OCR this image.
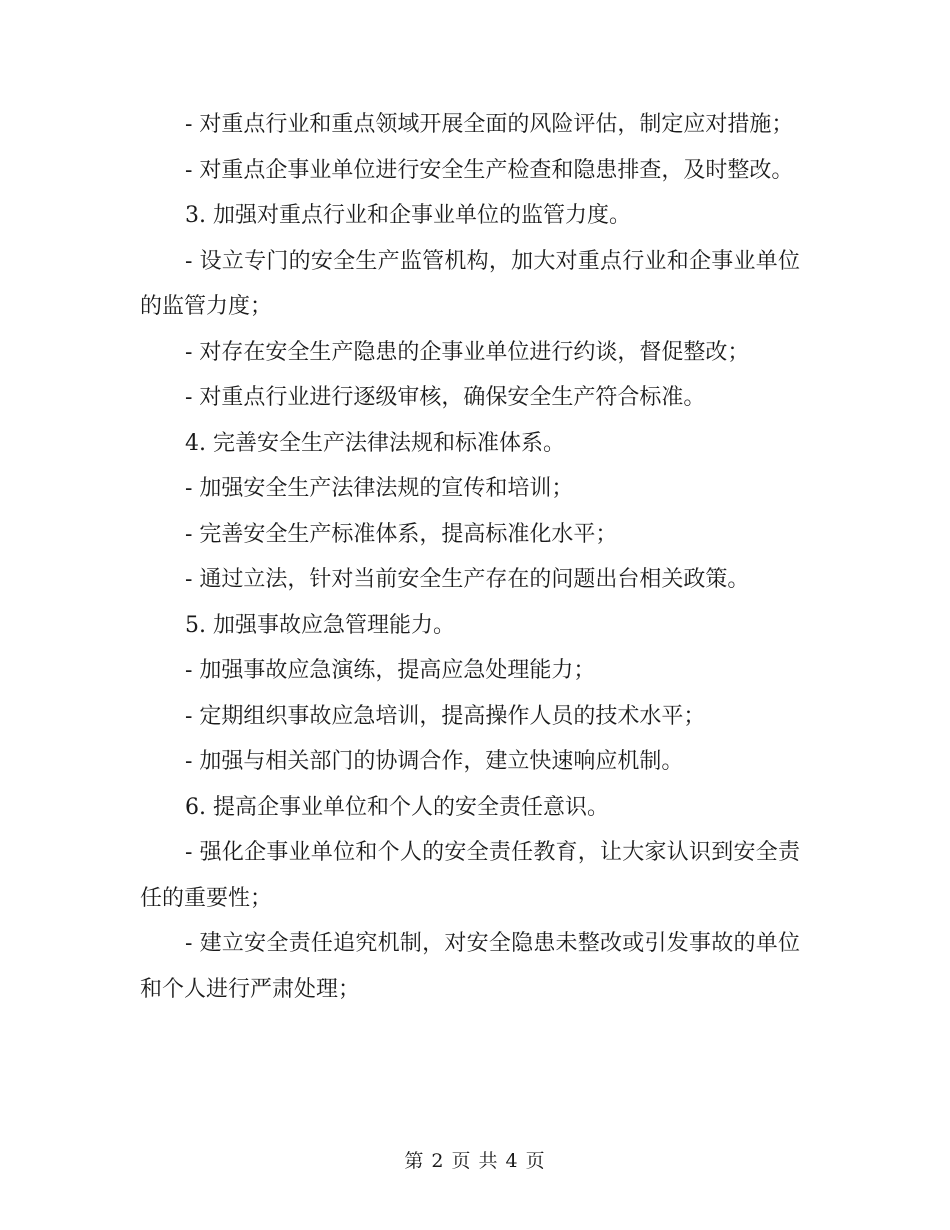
- 对重点行业和重点领域开展全面的风险评估，制定应对措施；

- 对重点企事业单位进行安全生产检查和隐患排查，及时整改。

3. 加强对重点行业和企事业单位的监管力度。

- 设立专门的安全生产监管机构，加大对重点行业和企事业单位的监管力度；

- 对存在安全生产隐患的企事业单位进行约谈，督促整改；

- 对重点行业进行逐级审核，确保安全生产符合标准。

4. 完善安全生产法律法规和标准体系。

- 加强安全生产法律法规的宣传和培训；

- 完善安全生产标准体系，提高标准化水平；

- 通过立法，针对当前安全生产存在的问题出台相关政策。

5. 加强事故应急管理能力。

- 加强事故应急演练，提高应急处理能力；

- 定期组织事故应急培训，提高操作人员的技术水平；

- 加强与相关部门的协调合作，建立快速响应机制。

6. 提高企事业单位和个人的安全责任意识。

- 强化企事业单位和个人的安全责任教育，让大家认识到安全责任的重要性；

- 建立安全责任追究机制，对安全隐患未整改或引发事故的单位和个人进行严肃处理；

第 2 页 共 4 页
